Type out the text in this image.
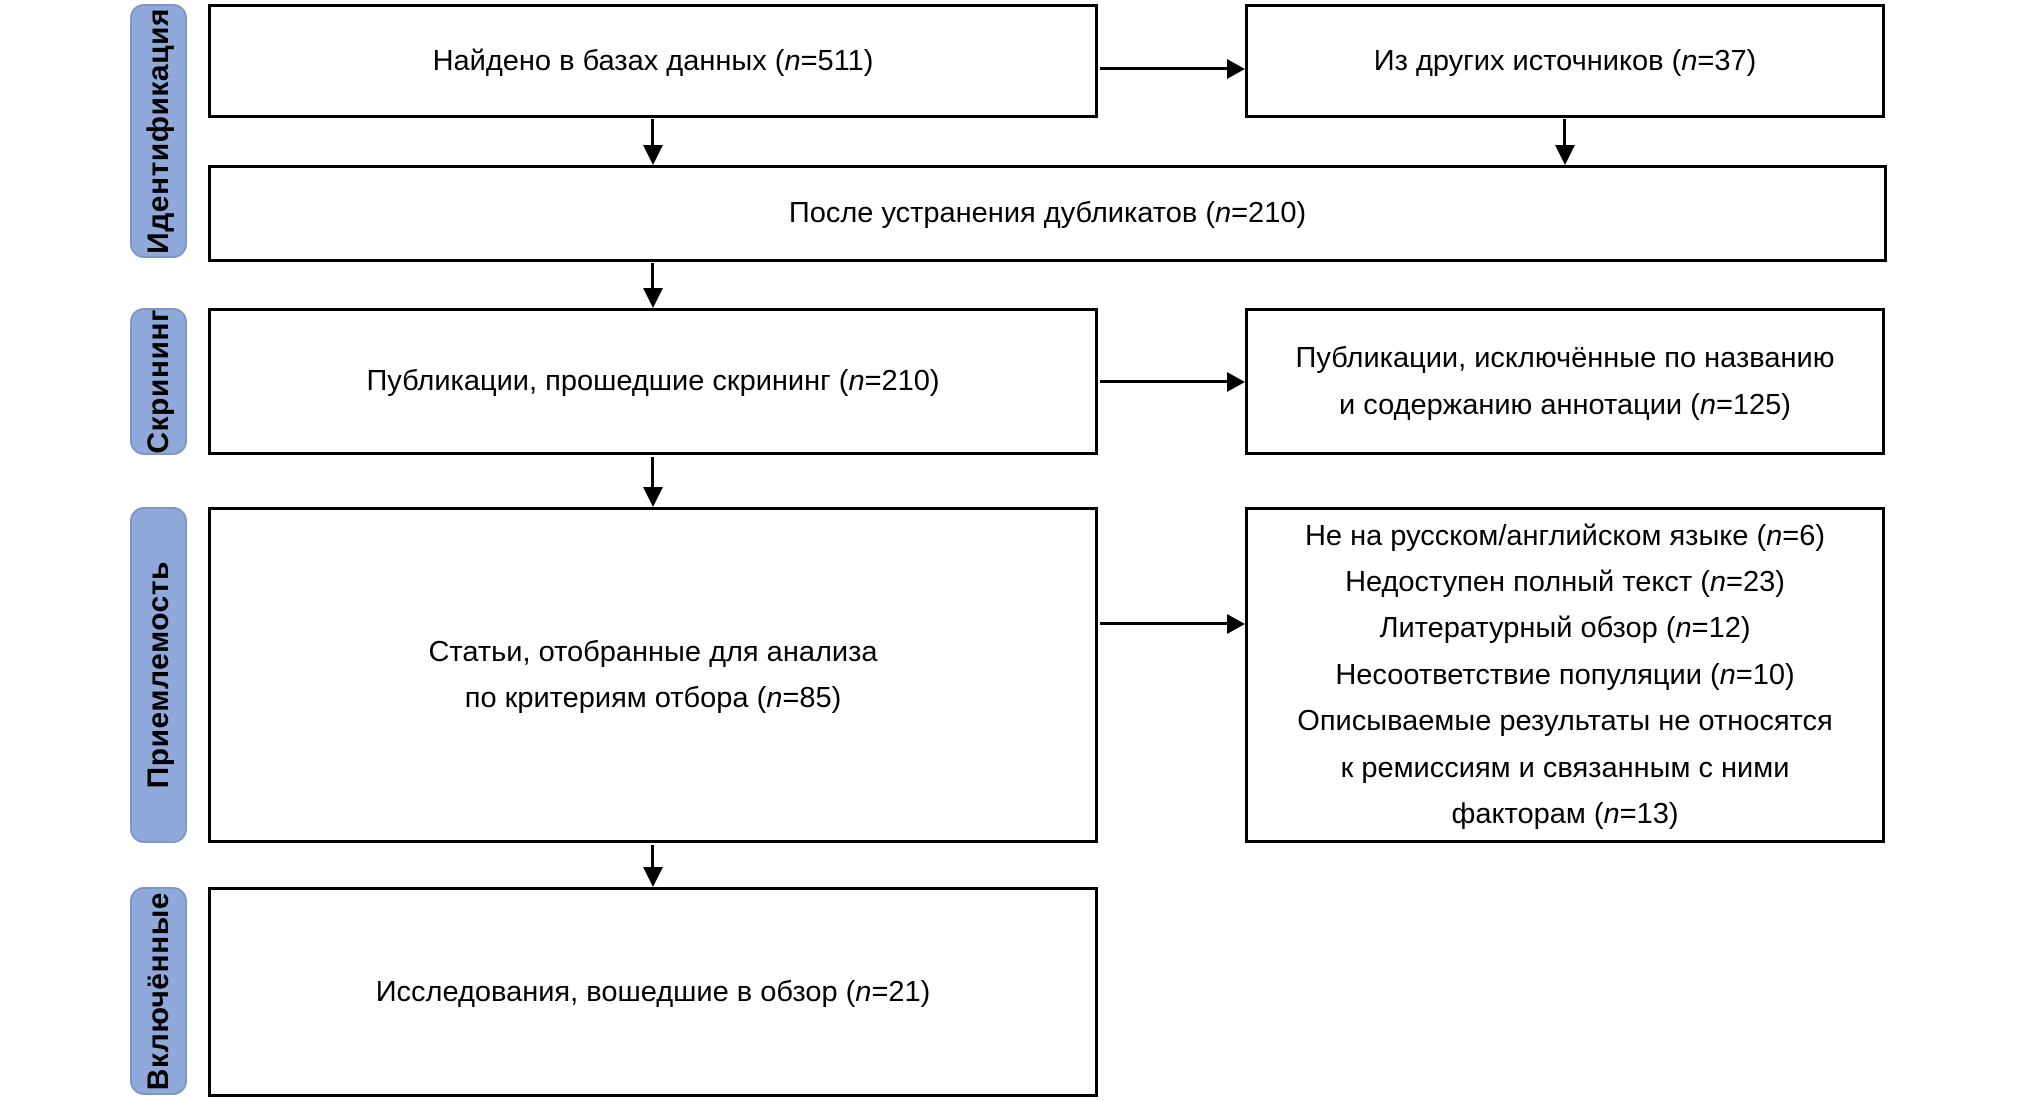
Идентификация
Скрининг
Приемлемость
Включённые
Найдено в базах данных (n=511)	Из других источников (n=37)
После устранения дубликатов (n=210)
Публикации, прошедшие скрининг (n=210)
Публикации, исключённые по названию
и содержанию аннотации (n=125)
Статьи, отобранные для анализа
по критериям отбора (n=85)
Не на русском/английском языке (n=6)
Недоступен полный текст (n=23)
Литературный обзор (n=12)
Несоответствие популяции (n=10)
Описываемые результаты не относятся
к ремиссиям и связанным с ними
факторам (n=13)
Исследования, вошедшие в обзор (n=21)
